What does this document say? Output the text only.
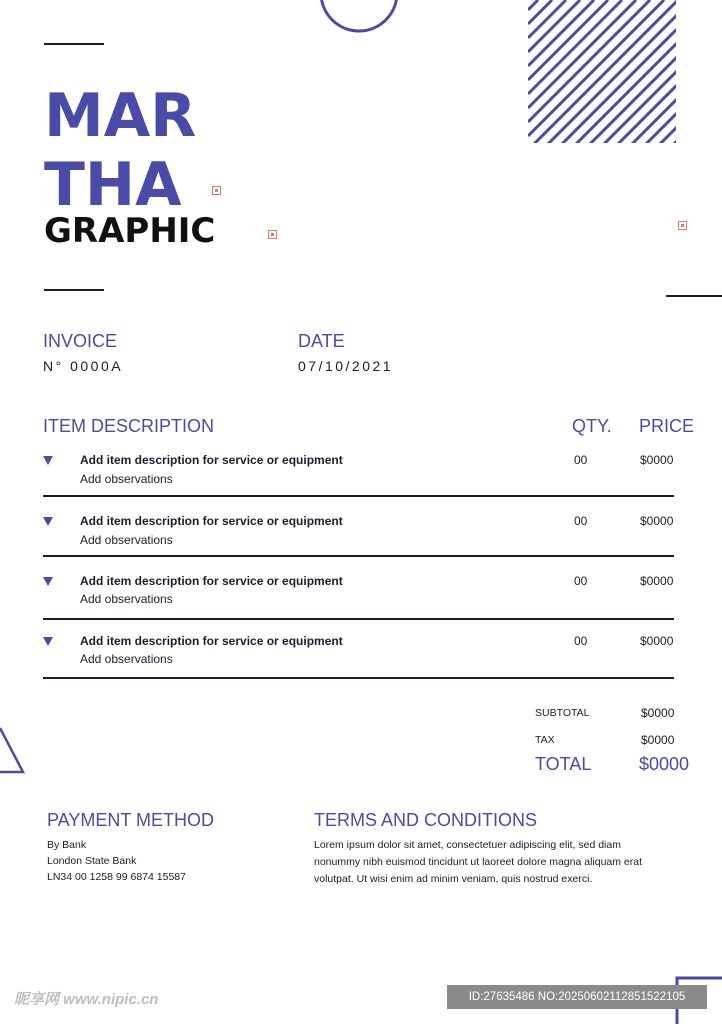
MAR
THA
GRAPHIC
INVOICE
N° 0000A
DATE
07/10/2021
ITEM DESCRIPTION	QTY. PRICE
Add item description for service or equipment
Add observations
00	$0000
Add item description for service or equipment
Add observations
00	$0000
Add item description for service or equipment
Add observations
00	$0000
Add item description for service or equipment
Add observations
00	$0000
SUBTOTAL	$0000
TAX	$0000
TOTAL	$0000
PAYMENT METHOD
By Bank
London State Bank
LN34 00 1258 99 6874 15587
TERMS AND CONDITIONS
Lorem ipsum dolor sit amet, consectetuer adipiscing elit, sed diam
nonummy nibh euismod tincidunt ut laoreet dolore magna aliquam erat
volutpat. Ut wisi enim ad minim veniam, quis nostrud exerci.
昵享网 www.nipic.cn	ID:27635486 NO:20250602112851522105
